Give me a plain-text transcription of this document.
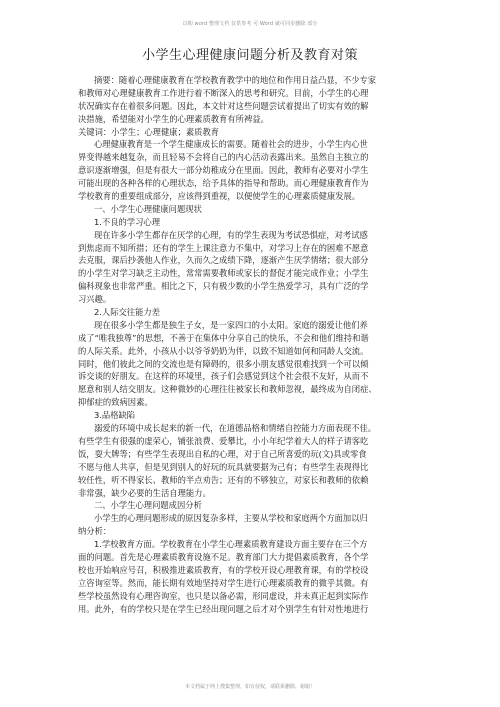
以购 word 整理文档 仅供参考 可 Word 就可同步删除 部分
小学生心理健康问题分析及教育对策
摘要：随着心理健康教育在学校教育教学中的地位和作用日益凸显，不少专家
和教师对心理健康教育工作进行着不断深入的思考和研究。目前，小学生的心理
状况确实存在着很多问题。因此，本文针对这些问题尝试着提出了切实有效的解
决措施，希望能对小学生的心理素质教育有所裨益。
关键词：小学生；心理健康；素质教育
心理健康教育是一个学生健康成长的需要。随着社会的进步，小学生内心世
界变得越来越复杂，而且轻易不会将自己的内心活动表露出来。虽然自主独立的
意识逐渐增强，但是有很大一部分幼稚成分在里面。因此，教师有必要对小学生
可能出现的各种各样的心理状态，给予具体的指导和帮助。而心理健康教育作为
学校教育的重要组成部分，应该得到重视，以便使学生的心理素质健康发展。
一、小学生心理健康问题现状
1.不良的学习心理
现在许多小学生都存在厌学的心理，有的学生表现为考试恐惧症，对考试感
到焦虑而不知所措；还有的学生上课注意力不集中，对学习上存在的困难不愿意
去克服，课后抄袭他人作业，久而久之成绩下降，逐渐产生厌学情绪；很大部分
的小学生对学习缺乏主动性，常常需要教师或家长的督促才能完成作业；小学生
偏科现象也非常严重。相比之下，只有极少数的小学生热爱学习，具有广泛的学
习兴趣。
2.人际交往能力差
现在很多小学生都是独生子女，是一家四口的小太阳。家庭的溺爱让他们养
成了“唯我独尊”的思想，不善于在集体中分享自己的快乐，不会和他们维持和谐
的人际关系。此外，小孩从小以爷爷奶奶为伴，以致不知道如何和同龄人交流。
同时，他们彼此之间的交流也是有障碍的，很多小朋友感觉很难找到一个可以倾
诉交谈的好朋友。在这样的环境里，孩子们会感觉到这个社会很不友好，从而不
愿意和别人结交朋友。这种微妙的心理往往被家长和教师忽视，最终成为自闭症、
抑郁症的致病因素。
3.品格缺陷
溺爱的环境中成长起来的新一代，在道德品格和情绪自控能力方面表现不佳。
有些学生有很强的虚荣心，铺张浪费、爱攀比，小小年纪学着大人的样子请客吃
饭，耍大牌等；有些学生表现出自私的心理，对于自己所喜爱的玩(文)具或零食
不愿与他人共享，但是见到别人的好玩的玩具就要据为己有；有些学生表现得比
较任性，听不得家长、教师的半点劝告；还有的不够独立，对家长和教师的依赖
非常强，缺少必要的生活自理能力。
二、小学生心理问题成因分析
小学生的心理问题形成的原因复杂多样，主要从学校和家庭两个方面加以归
纳分析：
1.学校教育方面。学校教育在小学生心理素质教育建设方面主要存在三个方
面的问题。首先是心理素质教育设施不足。教育部门大力提倡素质教育，各个学
校也开始响应号召，积极推进素质教育，有的学校开设心理教育课，有的学校设
立咨询室等。然而，能长期有效地坚持对学生进行心理素质教育的微乎其微。有
些学校虽然设有心理咨询室，也只是以备必需，形同虚设，并未真正起到实际作
用。此外，有的学校只是在学生已经出现问题之后才对个别学生有针对性地进行
本文档属于网上搜集整理，如有侵权，请联系删除，谢谢！
